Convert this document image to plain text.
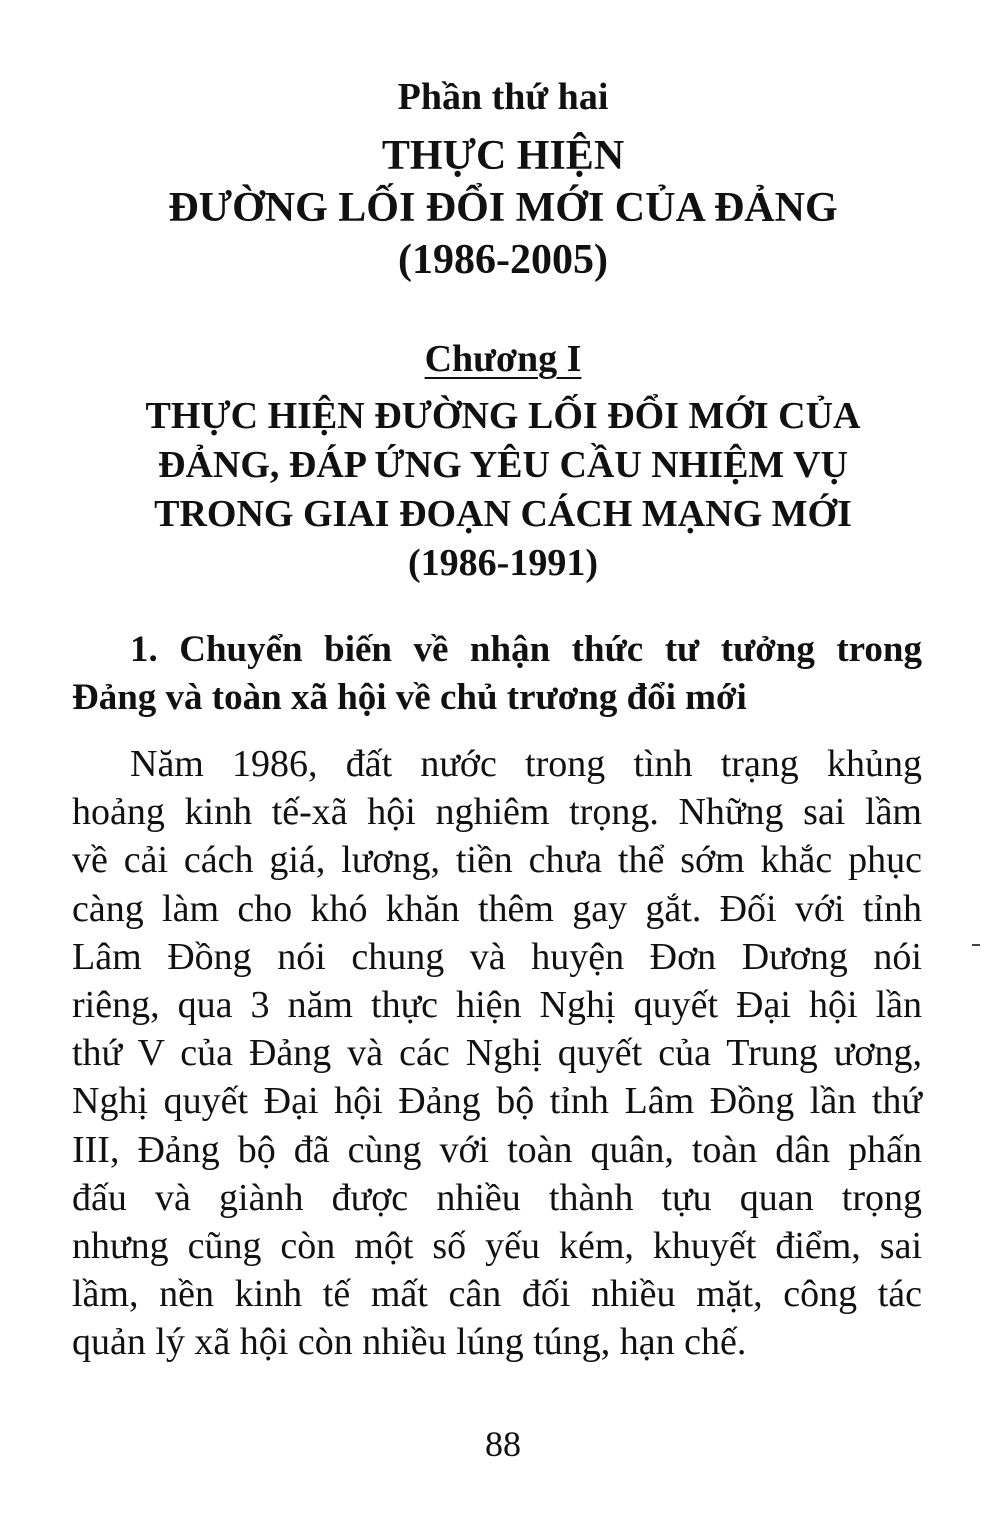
Phần thứ hai
THỰC HIỆN
ĐƯỜNG LỐI ĐỔI MỚI CỦA ĐẢNG
(1986-2005)
Chương I
THỰC HIỆN ĐƯỜNG LỐI ĐỔI MỚI CỦA
ĐẢNG, ĐÁP ỨNG YÊU CẦU NHIỆM VỤ
TRONG GIAI ĐOẠN CÁCH MẠNG MỚI
(1986-1991)
1. Chuyển biến về nhận thức tư tưởng trong
Đảng và toàn xã hội về chủ trương đổi mới
Năm 1986, đất nước trong tình trạng khủng
hoảng kinh tế-xã hội nghiêm trọng. Những sai lầm
về cải cách giá, lương, tiền chưa thể sớm khắc phục
càng làm cho khó khăn thêm gay gắt. Đối với tỉnh
Lâm Đồng nói chung và huyện Đơn Dương nói
riêng, qua 3 năm thực hiện Nghị quyết Đại hội lần
thứ V của Đảng và các Nghị quyết của Trung ương,
Nghị quyết Đại hội Đảng bộ tỉnh Lâm Đồng lần thứ
III, Đảng bộ đã cùng với toàn quân, toàn dân phấn
đấu và giành được nhiều thành tựu quan trọng
nhưng cũng còn một số yếu kém, khuyết điểm, sai
lầm, nền kinh tế mất cân đối nhiều mặt, công tác
quản lý xã hội còn nhiều lúng túng, hạn chế.
88
